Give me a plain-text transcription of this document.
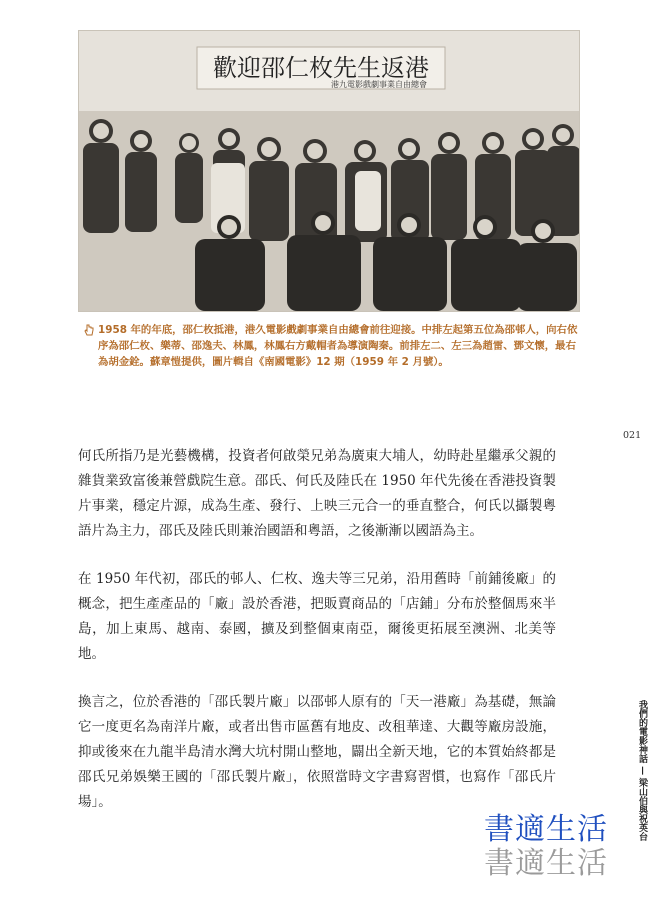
歡迎邵仁枚先生返港
港九電影戲劇事業自由總會

1958 年的年底，邵仁枚抵港，港久電影戲劇事業自由總會前往迎接。中排左起第五位為邵邨人，向右依序為邵仁枚、樂蒂、邵逸夫、林鳳，林鳳右方戴帽者為導演陶秦。前排左二、左三為趙雷、鄧文懷，最右為胡金銓。蘇章愷提供，圖片輯自《南國電影》12 期（1959 年 2 月號）。

021

何氏所指乃是光藝機構，投資者何啟榮兄弟為廣東大埔人，幼時赴星繼承父親的雜貨業致富後兼營戲院生意。邵氏、何氏及陸氏在 1950 年代先後在香港投資製片事業，穩定片源，成為生產、發行、上映三元合一的垂直整合，何氏以攝製粵語片為主力，邵氏及陸氏則兼治國語和粵語，之後漸漸以國語為主。

在 1950 年代初，邵氏的邨人、仁枚、逸夫等三兄弟，沿用舊時「前鋪後廠」的概念，把生產產品的「廠」設於香港，把販賣商品的「店鋪」分布於整個馬來半島，加上東馬、越南、泰國，擴及到整個東南亞，爾後更拓展至澳洲、北美等地。

換言之，位於香港的「邵氏製片廠」以邵邨人原有的「天一港廠」為基礎，無論它一度更名為南洋片廠，或者出售市區舊有地皮、改租華達、大觀等廠房設施，抑或後來在九龍半島清水灣大坑村開山整地，闢出全新天地，它的本質始終都是邵氏兄弟娛樂王國的「邵氏製片廠」，依照當時文字書寫習慣，也寫作「邵氏片場」。	我們的電影神話 — 梁山伯與祝英台
書適生活
書適生活
